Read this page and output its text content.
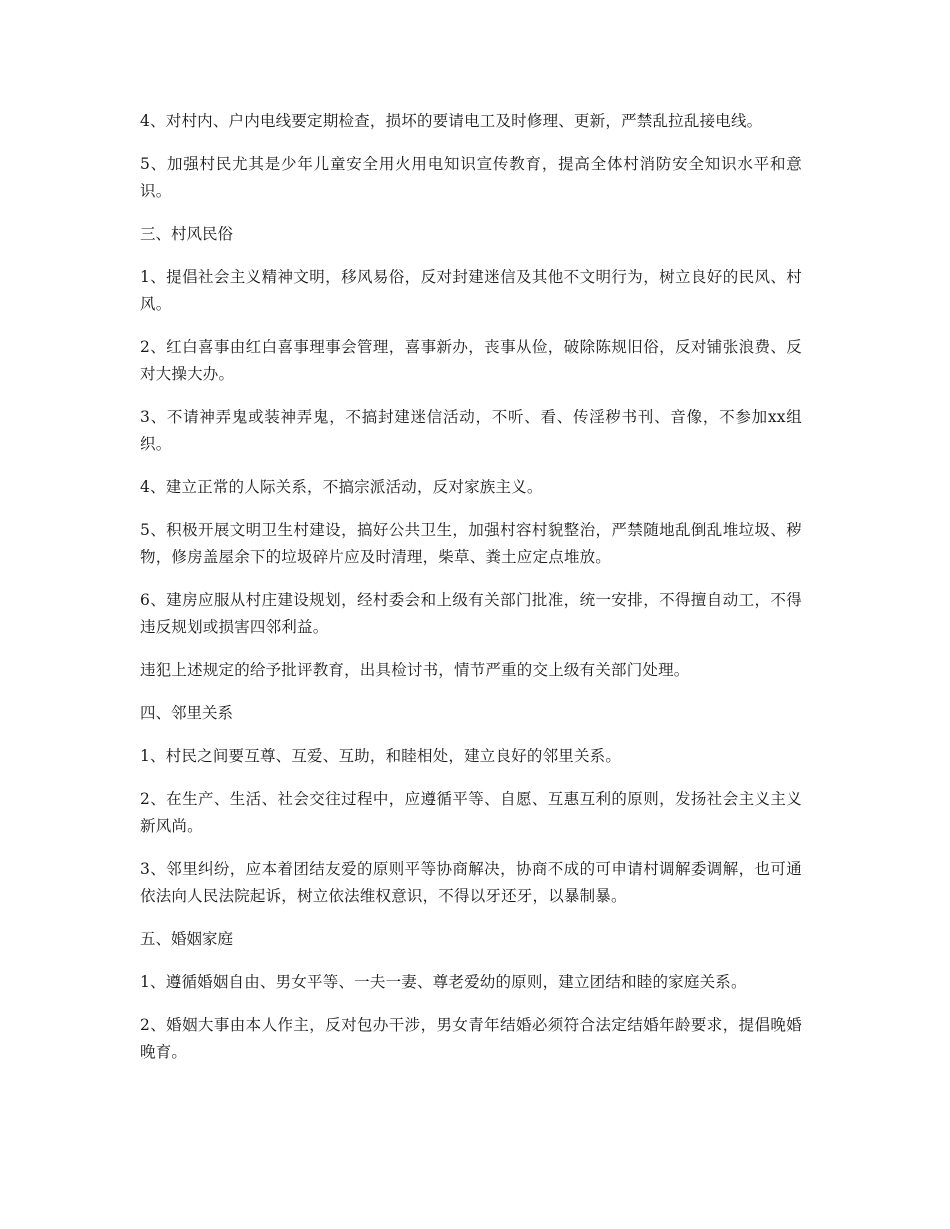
4、对村内、户内电线要定期检查，损坏的要请电工及时修理、更新，严禁乱拉乱接电线。

5、加强村民尤其是少年儿童安全用火用电知识宣传教育，提高全体村消防安全知识水平和意识。

三、村风民俗

1、提倡社会主义精神文明，移风易俗，反对封建迷信及其他不文明行为，树立良好的民风、村风。

2、红白喜事由红白喜事理事会管理，喜事新办，丧事从俭，破除陈规旧俗，反对铺张浪费、反对大操大办。

3、不请神弄鬼或装神弄鬼，不搞封建迷信活动，不听、看、传淫秽书刊、音像，不参加xx组织。

4、建立正常的人际关系，不搞宗派活动，反对家族主义。

5、积极开展文明卫生村建设，搞好公共卫生，加强村容村貌整治，严禁随地乱倒乱堆垃圾、秽物，修房盖屋余下的垃圾碎片应及时清理，柴草、粪土应定点堆放。

6、建房应服从村庄建设规划，经村委会和上级有关部门批准，统一安排，不得擅自动工，不得违反规划或损害四邻利益。

违犯上述规定的给予批评教育，出具检讨书，情节严重的交上级有关部门处理。

四、邻里关系

1、村民之间要互尊、互爱、互助，和睦相处，建立良好的邻里关系。

2、在生产、生活、社会交往过程中，应遵循平等、自愿、互惠互利的原则，发扬社会主义主义新风尚。

3、邻里纠纷，应本着团结友爱的原则平等协商解决，协商不成的可申请村调解委调解，也可通依法向人民法院起诉，树立依法维权意识，不得以牙还牙，以暴制暴。

五、婚姻家庭

1、遵循婚姻自由、男女平等、一夫一妻、尊老爱幼的原则，建立团结和睦的家庭关系。

2、婚姻大事由本人作主，反对包办干涉，男女青年结婚必须符合法定结婚年龄要求，提倡晚婚晚育。
